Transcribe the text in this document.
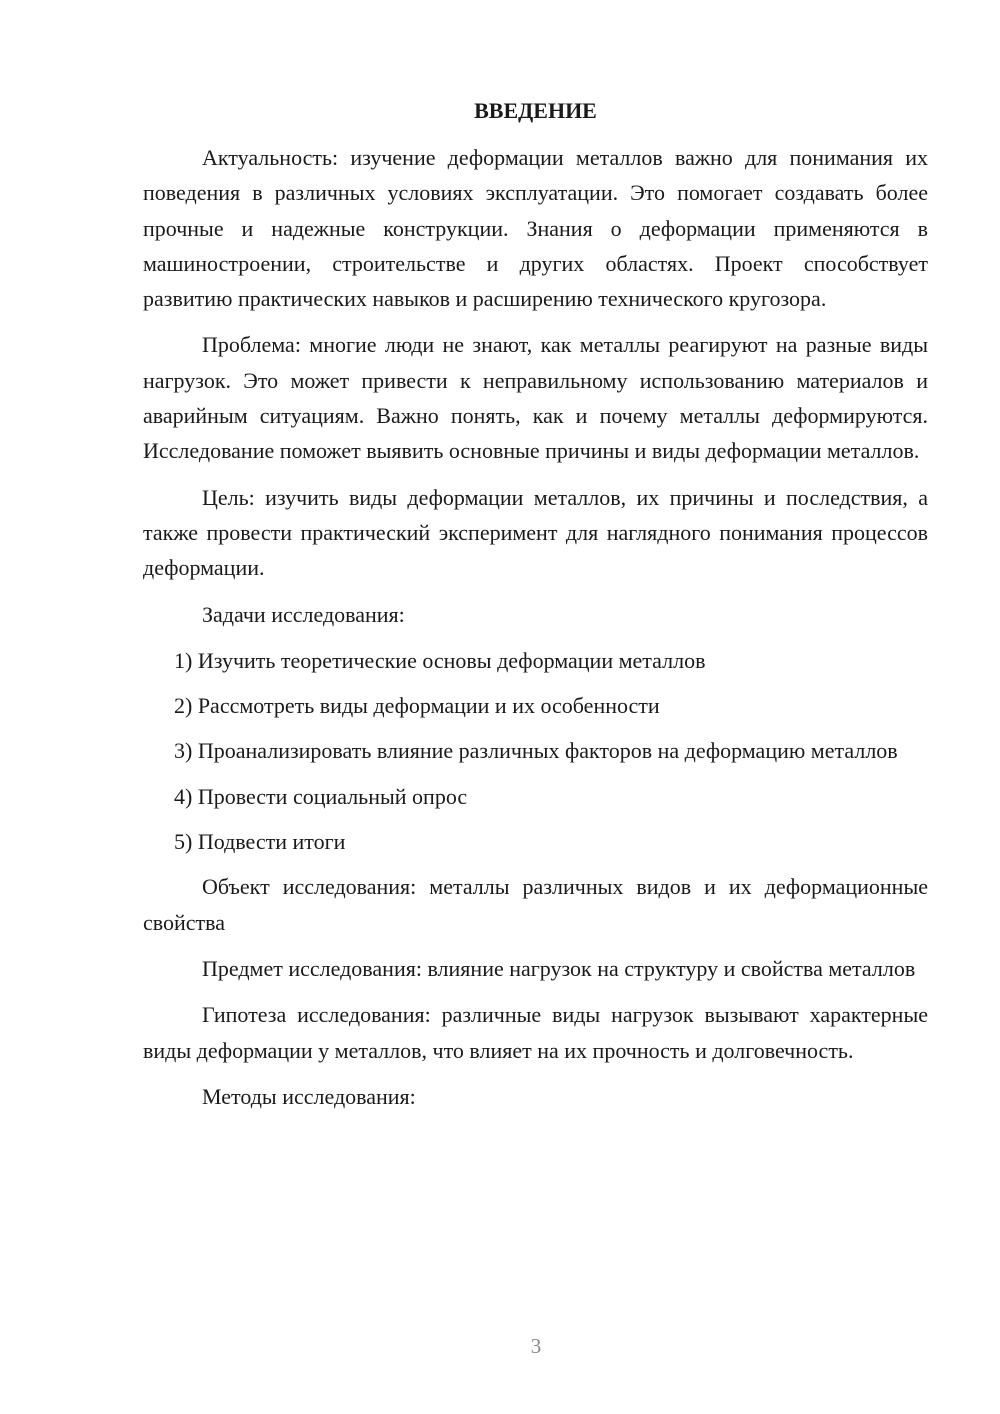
ВВЕДЕНИЕ

Актуальность: изучение деформации металлов важно для понимания их поведения в различных условиях эксплуатации. Это помогает создавать более прочные и надежные конструкции. Знания о деформации применяются в машиностроении, строительстве и других областях. Проект способствует развитию практических навыков и расширению технического кругозора.

Проблема: многие люди не знают, как металлы реагируют на разные виды нагрузок. Это может привести к неправильному использованию материалов и аварийным ситуациям. Важно понять, как и почему металлы деформируются. Исследование поможет выявить основные причины и виды деформации металлов.

Цель: изучить виды деформации металлов, их причины и последствия, а также провести практический эксперимент для наглядного понимания процессов деформации.

Задачи исследования:

1) Изучить теоретические основы деформации металлов

2) Рассмотреть виды деформации и их особенности

3) Проанализировать влияние различных факторов на деформацию металлов

4) Провести социальный опрос

5) Подвести итоги

Объект исследования: металлы различных видов и их деформационные свойства

Предмет исследования: влияние нагрузок на структуру и свойства металлов

Гипотеза исследования: различные виды нагрузок вызывают характерные виды деформации у металлов, что влияет на их прочность и долговечность.

Методы исследования:

3
